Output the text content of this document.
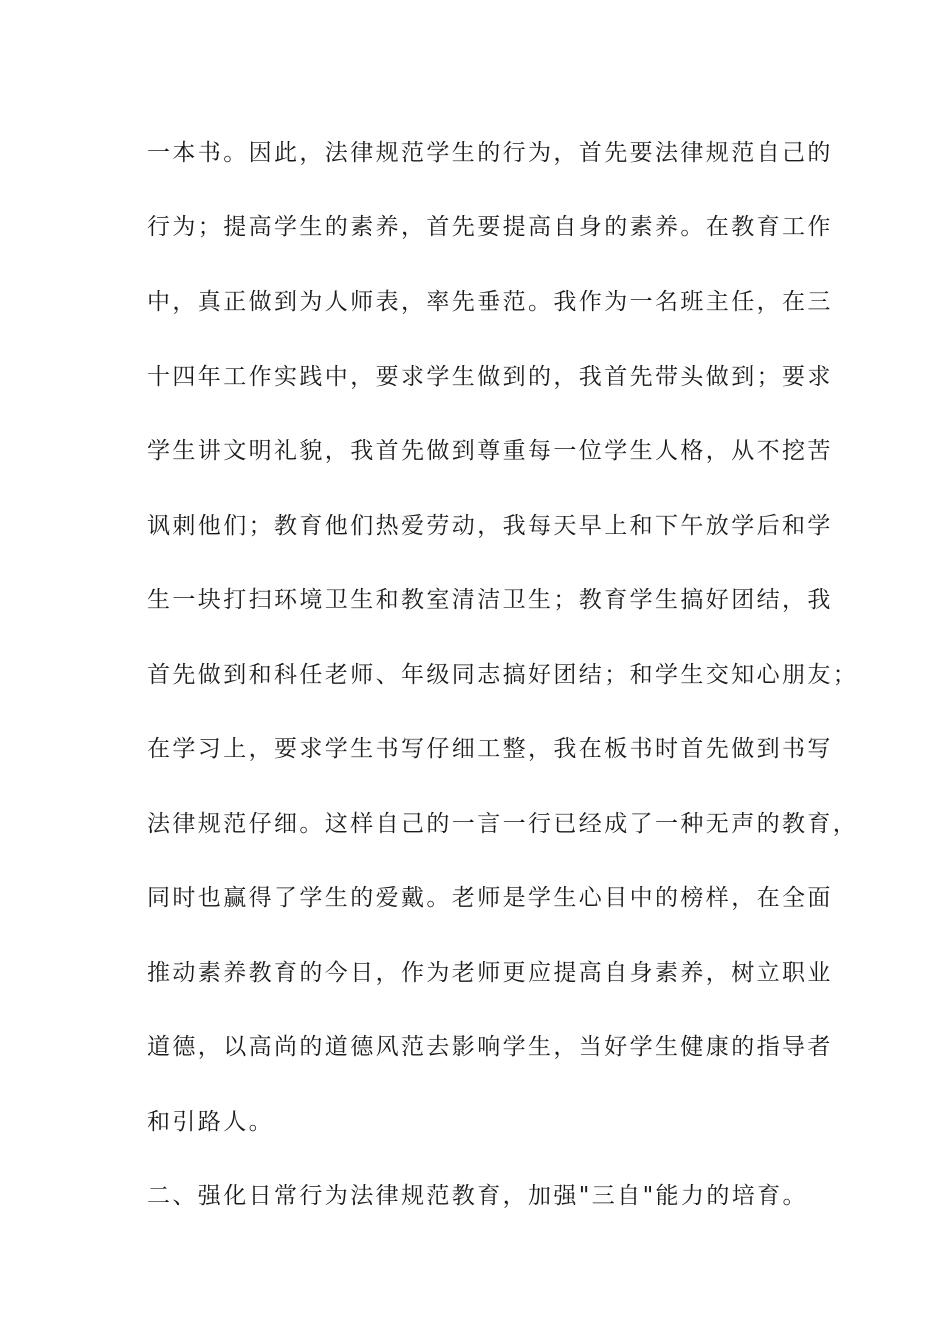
一本书。因此，法律规范学生的行为，首先要法律规范自己的

行为；提高学生的素养，首先要提高自身的素养。在教育工作

中，真正做到为人师表，率先垂范。我作为一名班主任，在三

十四年工作实践中，要求学生做到的，我首先带头做到；要求

学生讲文明礼貌，我首先做到尊重每一位学生人格，从不挖苦

讽刺他们；教育他们热爱劳动，我每天早上和下午放学后和学

生一块打扫环境卫生和教室清洁卫生；教育学生搞好团结，我

首先做到和科任老师、年级同志搞好团结；和学生交知心朋友；

在学习上，要求学生书写仔细工整，我在板书时首先做到书写

法律规范仔细。这样自己的一言一行已经成了一种无声的教育，

同时也赢得了学生的爱戴。老师是学生心目中的榜样，在全面

推动素养教育的今日，作为老师更应提高自身素养，树立职业

道德，以高尚的道德风范去影响学生，当好学生健康的指导者

和引路人。

二、强化日常行为法律规范教育，加强"三自"能力的培育。
